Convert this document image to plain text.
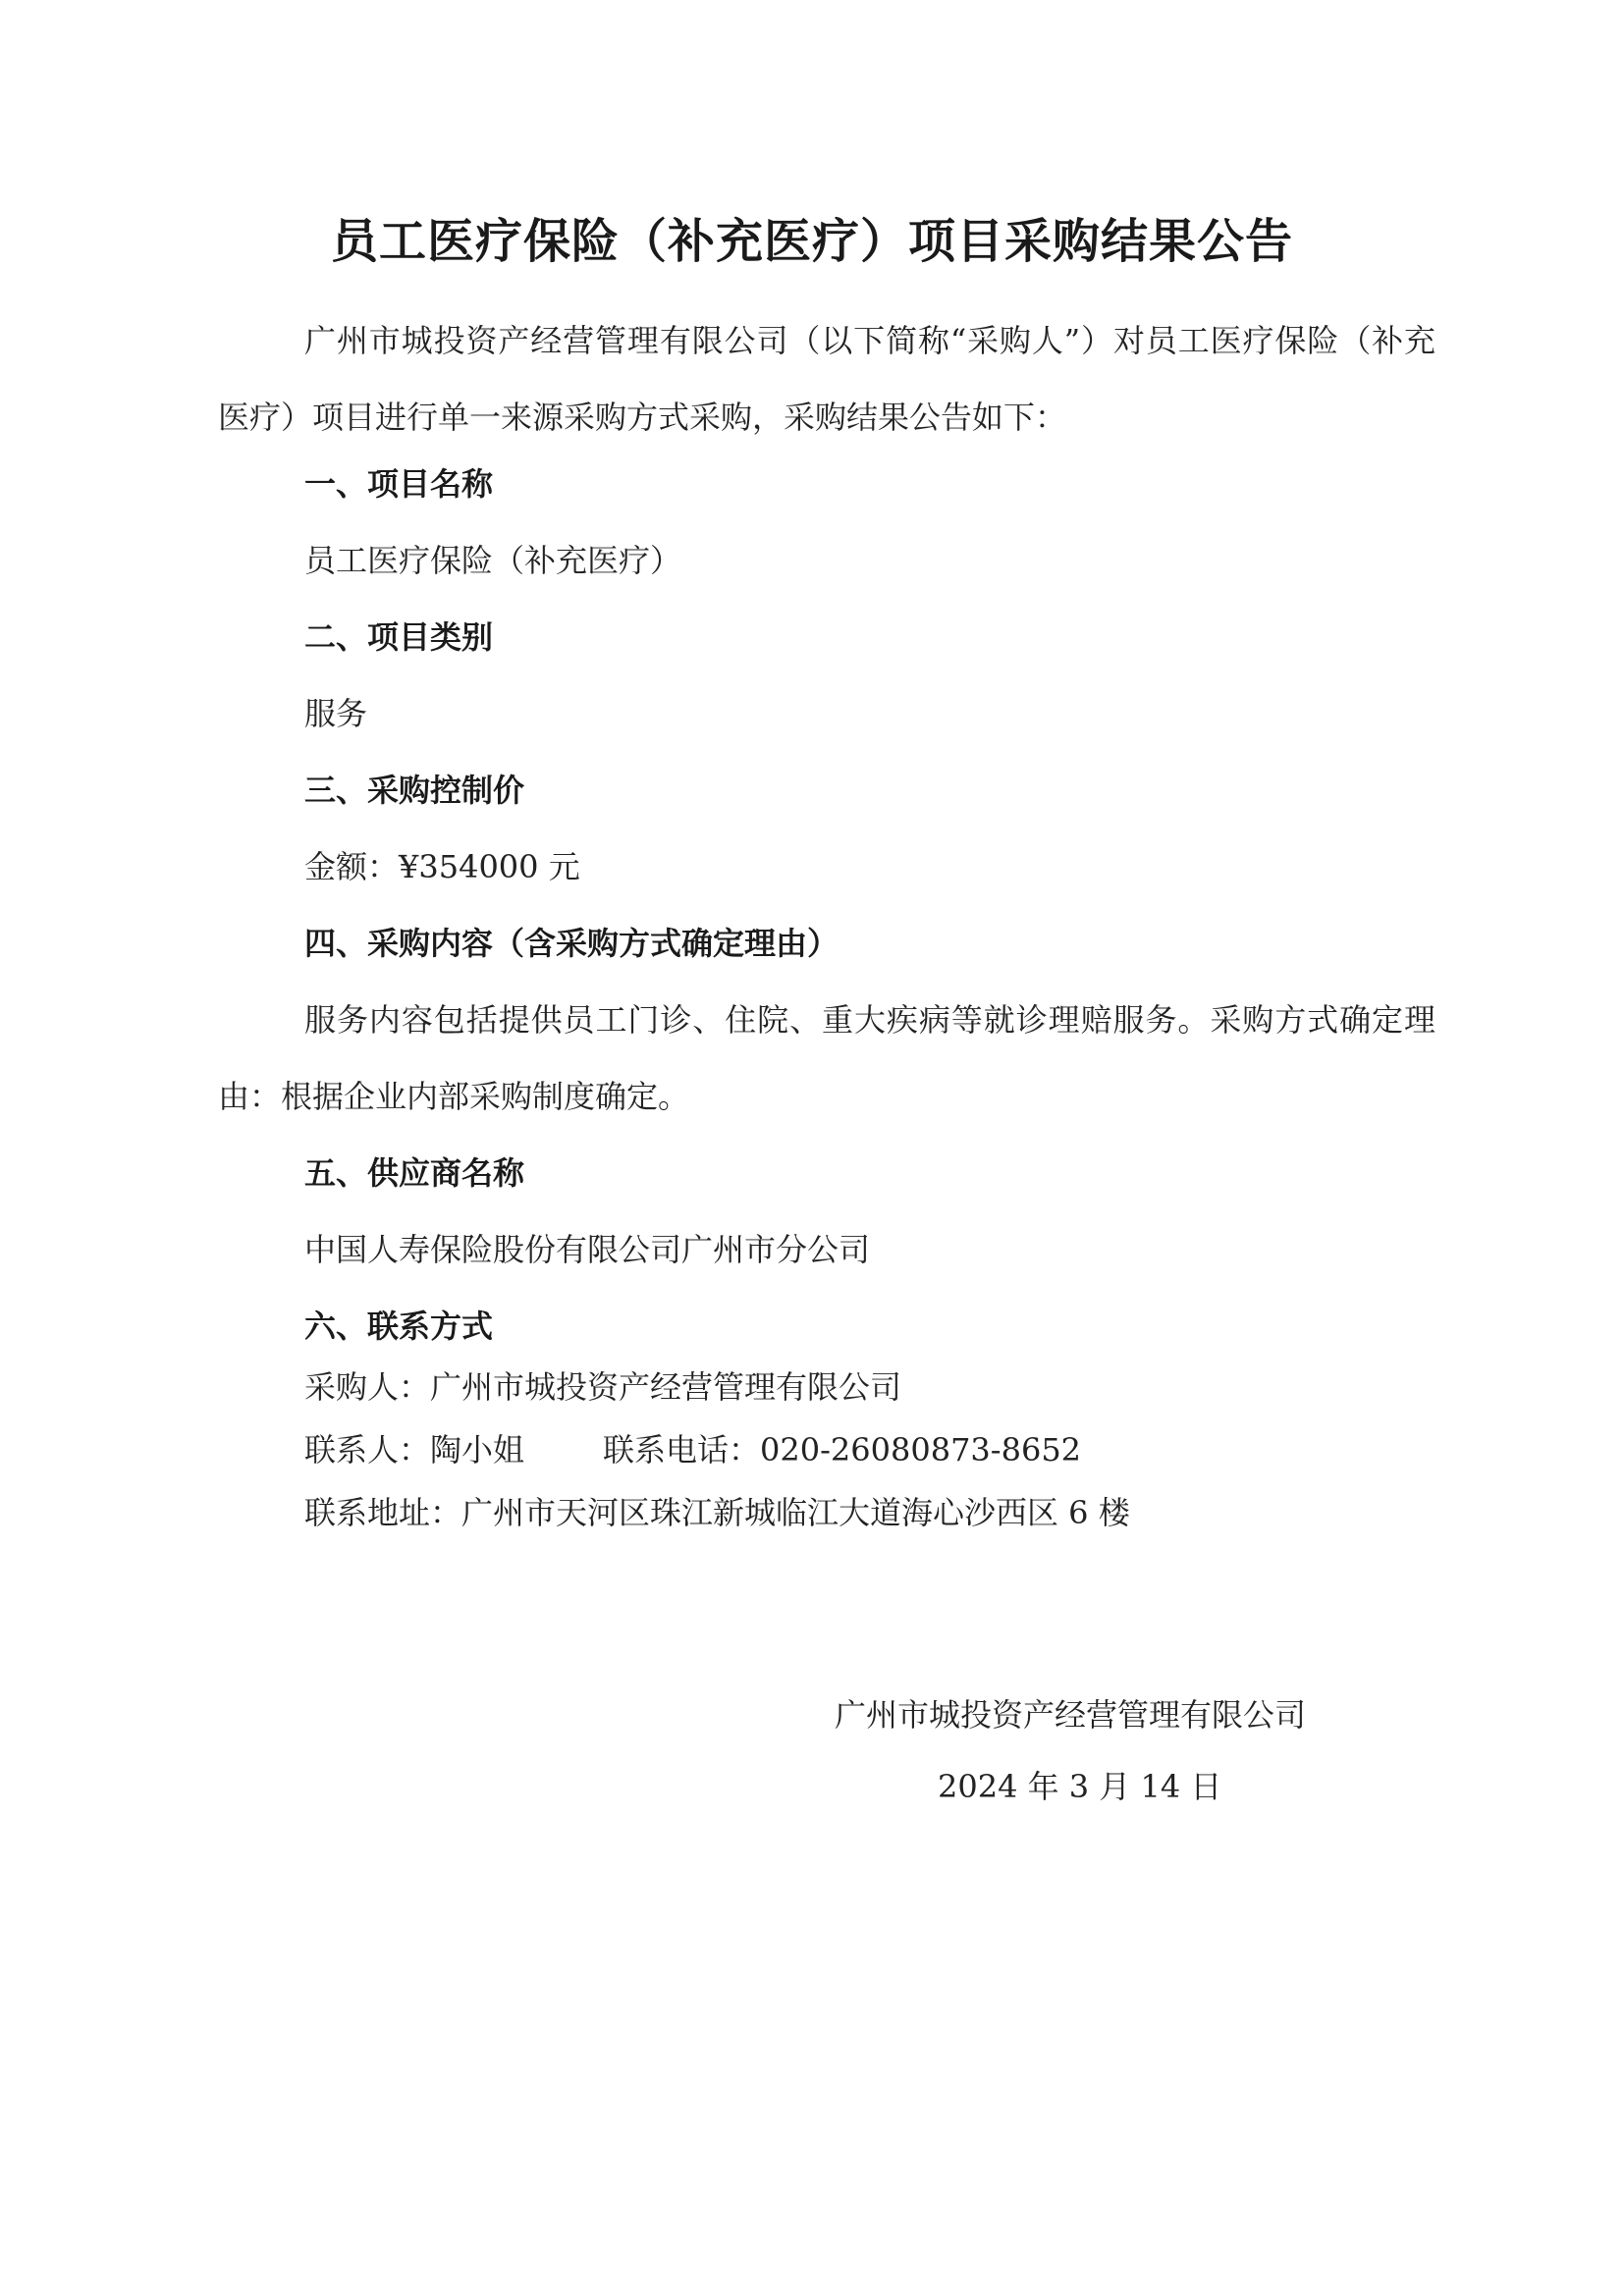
员工医疗保险（补充医疗）项目采购结果公告

广州市城投资产经营管理有限公司（以下简称“采购人”）对员工医疗保险（补充医疗）项目进行单一来源采购方式采购，采购结果公告如下：

一、项目名称
员工医疗保险（补充医疗）
二、项目类别
服务
三、采购控制价
金额：¥354000 元
四、采购内容（含采购方式确定理由）

服务内容包括提供员工门诊、住院、重大疾病等就诊理赔服务。采购方式确定理由：根据企业内部采购制度确定。

五、供应商名称
中国人寿保险股份有限公司广州市分公司
六、联系方式
采购人：广州市城投资产经营管理有限公司
联系人：陶小姐	联系电话：020-26080873-8652
联系地址：广州市天河区珠江新城临江大道海心沙西区 6 楼
广州市城投资产经营管理有限公司
2024 年 3 月 14 日
